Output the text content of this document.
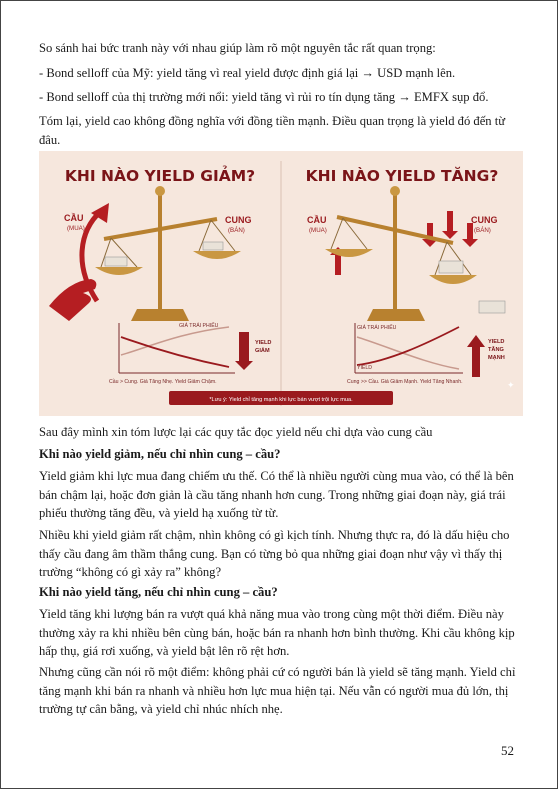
So sánh hai bức tranh này với nhau giúp làm rõ một nguyên tắc rất quan trọng:

- Bond selloff của Mỹ: yield tăng vì real yield được định giá lại → USD mạnh lên.

- Bond selloff của thị trường mới nổi: yield tăng vì rủi ro tín dụng tăng → EMFX sụp đổ.

Tóm lại, yield cao không đồng nghĩa với đồng tiền mạnh. Điều quan trọng là yield đó đến từ đâu.

KHI NÀO YIELD GIẢM?
CẦU
(MUA)
CUNG
(BÁN)
GIÁ TRÁI PHIẾU
YIELD
GIẢM
Cầu > Cung. Giá Tăng Nhẹ. Yield Giảm Chậm.
KHI NÀO YIELD TĂNG?
CẦU
(MUA)
CUNG
(BÁN)
GIÁ TRÁI PHIẾU
YIELD
YIELD
TĂNG
MẠNH
Cung >> Cầu. Giá Giảm Mạnh. Yield Tăng Nhanh.
*Lưu ý: Yield chỉ tăng mạnh khi lực bán vượt trội lực mua.
✦

Sau đây mình xin tóm lược lại các quy tắc đọc yield nếu chỉ dựa vào cung cầu

Khi nào yield giảm, nếu chỉ nhìn cung – cầu?

Yield giảm khi lực mua đang chiếm ưu thế. Có thể là nhiều người cùng mua vào, có thể là bên bán chậm lại, hoặc đơn giản là cầu tăng nhanh hơn cung. Trong những giai đoạn này, giá trái phiếu thường tăng đều, và yield hạ xuống từ từ.

Nhiều khi yield giảm rất chậm, nhìn không có gì kịch tính. Nhưng thực ra, đó là dấu hiệu cho thấy cầu đang âm thầm thắng cung. Bạn có từng bỏ qua những giai đoạn như vậy vì thấy thị trường “không có gì xảy ra” không?

Khi nào yield tăng, nếu chỉ nhìn cung – cầu?

Yield tăng khi lượng bán ra vượt quá khả năng mua vào trong cùng một thời điểm. Điều này thường xảy ra khi nhiều bên cùng bán, hoặc bán ra nhanh hơn bình thường. Khi cầu không kịp hấp thụ, giá rơi xuống, và yield bật lên rõ rệt hơn.

Nhưng cũng cần nói rõ một điểm: không phải cứ có người bán là yield sẽ tăng mạnh. Yield chỉ tăng mạnh khi bán ra nhanh và nhiều hơn lực mua hiện tại. Nếu vẫn có người mua đủ lớn, thị trường tự cân bằng, và yield chỉ nhúc nhích nhẹ.

52
